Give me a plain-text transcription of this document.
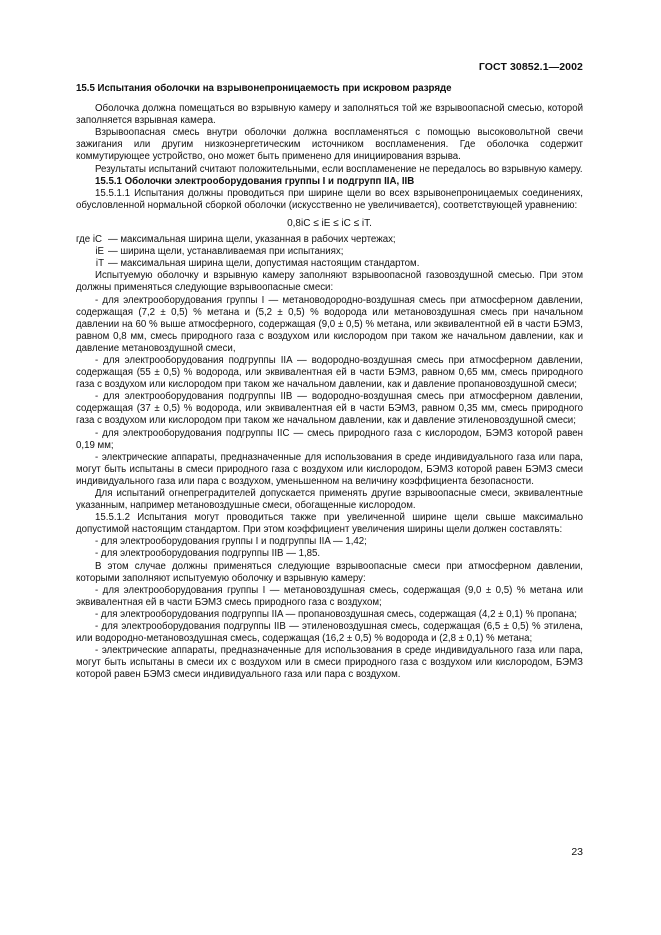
ГОСТ 30852.1—2002

15.5 Испытания оболочки на взрывонепроницаемость при искровом разряде

Оболочка должна помещаться во взрывную камеру и заполняться той же взрывоопасной смесью, которой заполняется взрывная камера.

Взрывоопасная смесь внутри оболочки должна воспламеняться с помощью высоковольтной свечи зажигания или другим низкоэнергетическим источником воспламенения. Где оболочка содержит коммутирующее устройство, оно может быть применено для инициирования взрыва.

Результаты испытаний считают положительными, если воспламенение не передалось во взрывную камеру.

15.5.1 Оболочки электрооборудования группы I и подгрупп IIA, IIB

15.5.1.1 Испытания должны проводиться при ширине щели во всех взрывонепроницаемых соединениях, обусловленной нормальной сборкой оболочки (искусственно не увеличивается), соответствующей уравнению:

0,8iC ≤ iE ≤ iC ≤ iT.

где iC — максимальная ширина щели, указанная в рабочих чертежах;
iE — ширина щели, устанавливаемая при испытаниях;
iT — максимальная ширина щели, допустимая настоящим стандартом.

Испытуемую оболочку и взрывную камеру заполняют взрывоопасной газовоздушной смесью. При этом должны применяться следующие взрывоопасные смеси:

- для электрооборудования группы I — метановодородно-воздушная смесь при атмосферном давлении, содержащая (7,2 ± 0,5) % метана и (5,2 ± 0,5) % водорода или метановоздушная смесь при начальном давлении на 60 % выше атмосферного, содержащая (9,0 ± 0,5) % метана, или эквивалентной ей в части БЭМЗ, равном 0,8 мм, смесь природного газа с воздухом или кислородом при таком же начальном давлении, как и давление метановоздушной смеси,

- для электрооборудования подгруппы IIA — водородно-воздушная смесь при атмосферном давлении, содержащая (55 ± 0,5) % водорода, или эквивалентная ей в части БЭМЗ, равном 0,65 мм, смесь природного газа с воздухом или кислородом при таком же начальном давлении, как и давление пропановоздушной смеси;

- для электрооборудования подгруппы IIB — водородно-воздушная смесь при атмосферном давлении, содержащая (37 ± 0,5) % водорода, или эквивалентная ей в части БЭМЗ, равном 0,35 мм, смесь природного газа с воздухом или кислородом при таком же начальном давлении, как и давление этиленовоздушной смеси;

- для электрооборудования подгруппы IIC — смесь природного газа с кислородом, БЭМЗ которой равен 0,19 мм;

- электрические аппараты, предназначенные для использования в среде индивидуального газа или пара, могут быть испытаны в смеси природного газа с воздухом или кислородом, БЭМЗ которой равен БЭМЗ смеси индивидуального газа или пара с воздухом, уменьшенном на величину коэффициента безопасности.

Для испытаний огнепреградителей допускается применять другие взрывоопасные смеси, эквивалентные указанным, например метановоздушные смеси, обогащенные кислородом.

15.5.1.2 Испытания могут проводиться также при увеличенной ширине щели свыше максимально допустимой настоящим стандартом. При этом коэффициент увеличения ширины щели должен составлять:

- для электрооборудования группы I и подгруппы IIA — 1,42;

- для электрооборудования подгруппы IIB — 1,85.

В этом случае должны применяться следующие взрывоопасные смеси при атмосферном давлении, которыми заполняют испытуемую оболочку и взрывную камеру:

- для электрооборудования группы I — метановоздушная смесь, содержащая (9,0 ± 0,5) % метана или эквивалентная ей в части БЭМЗ смесь природного газа с воздухом;

- для электрооборудования подгруппы IIA — пропановоздушная смесь, содержащая (4,2 ± 0,1) % пропана;

- для электрооборудования подгруппы IIB — этиленовоздушная смесь, содержащая (6,5 ± 0,5) % этилена, или водородно-метановоздушная смесь, содержащая (16,2 ± 0,5) % водорода и (2,8 ± 0,1) % метана;

- электрические аппараты, предназначенные для использования в среде индивидуального газа или пара, могут быть испытаны в смеси их с воздухом или в смеси природного газа с воздухом или кислородом, БЭМЗ которой равен БЭМЗ смеси индивидуального газа или пара с воздухом.

23
